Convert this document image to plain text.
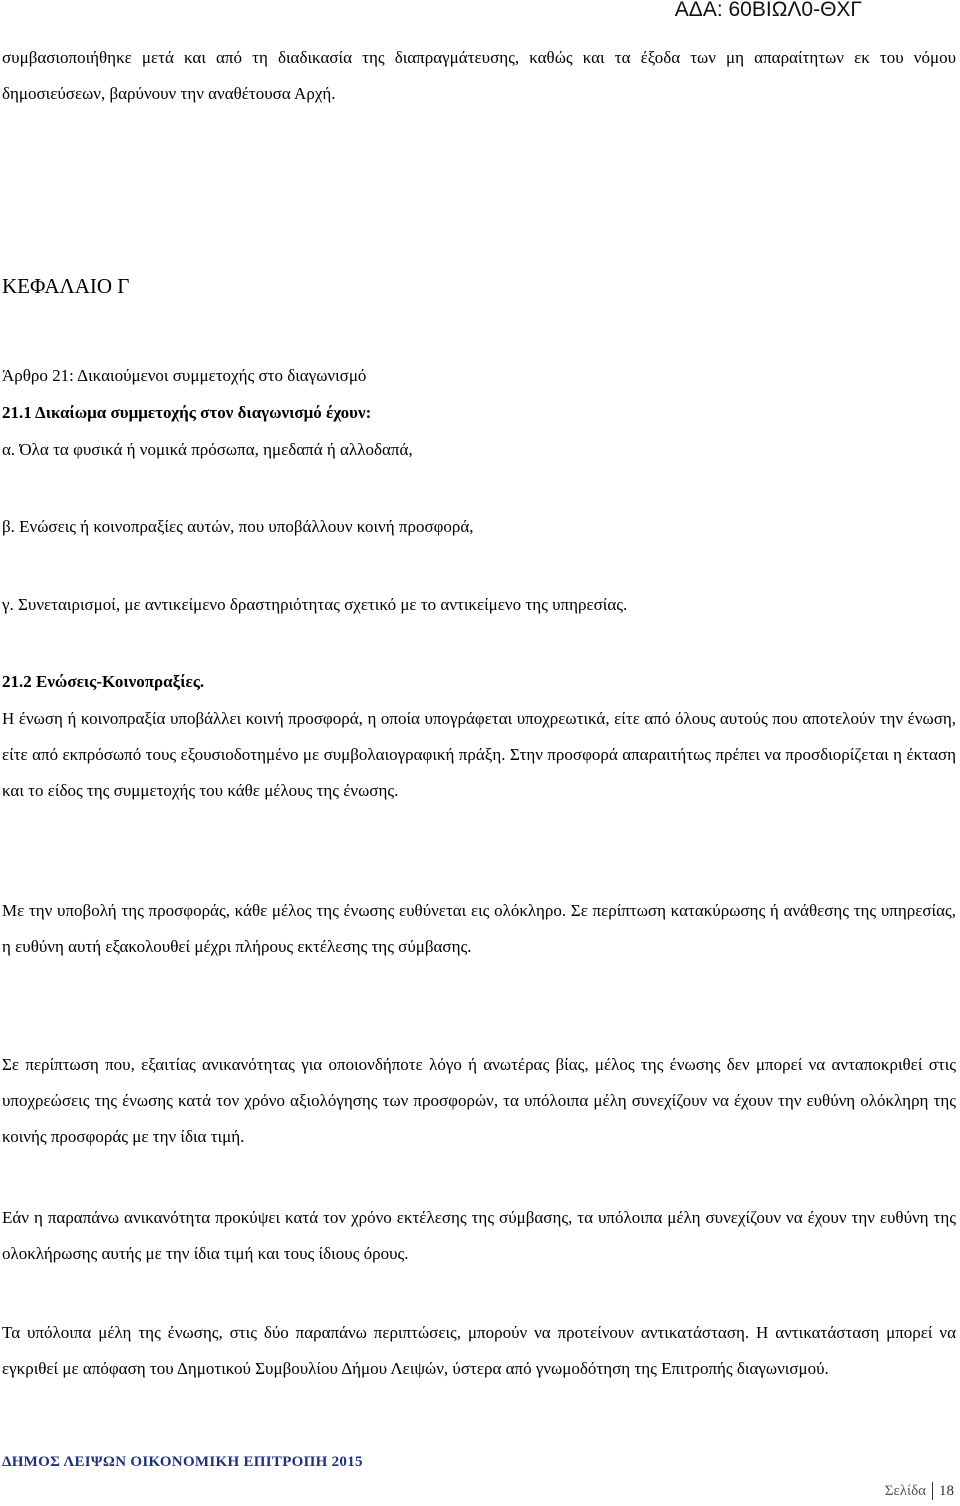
ΑΔΑ: 60ΒΙΩΛ0-ΘΧΓ

συμβασιοποιήθηκε μετά και από τη διαδικασία της διαπραγμάτευσης, καθώς και τα έξοδα των μη απαραίτητων εκ του νόμου δημοσιεύσεων, βαρύνουν την αναθέτουσα Αρχή.

ΚΕΦΑΛΑΙΟ Γ

Άρθρο 21: Δικαιούμενοι συμμετοχής στο διαγωνισμό

21.1 Δικαίωμα συμμετοχής στον διαγωνισμό έχουν:

α. Όλα τα φυσικά ή νομικά πρόσωπα, ημεδαπά ή αλλοδαπά,

β. Ενώσεις ή κοινοπραξίες αυτών, που υποβάλλουν κοινή προσφορά,

γ. Συνεταιρισμοί, με αντικείμενο δραστηριότητας σχετικό με το αντικείμενο της υπηρεσίας.

21.2 Ενώσεις-Κοινοπραξίες.

Η ένωση ή κοινοπραξία υποβάλλει κοινή προσφορά, η οποία υπογράφεται υποχρεωτικά, είτε από όλους αυτούς που αποτελούν την ένωση, είτε από εκπρόσωπό τους εξουσιοδοτημένο με συμβολαιογραφική πράξη. Στην προσφορά απαραιτήτως πρέπει να προσδιορίζεται η έκταση και το είδος της συμμετοχής του κάθε μέλους της ένωσης.

Με την υποβολή της προσφοράς, κάθε μέλος της ένωσης ευθύνεται εις ολόκληρο. Σε περίπτωση κατακύρωσης ή ανάθεσης της υπηρεσίας, η ευθύνη αυτή εξακολουθεί μέχρι πλήρους εκτέλεσης της σύμβασης.

Σε περίπτωση που, εξαιτίας ανικανότητας για οποιονδήποτε λόγο ή ανωτέρας βίας, μέλος της ένωσης δεν μπορεί να ανταποκριθεί στις υποχρεώσεις της ένωσης κατά τον χρόνο αξιολόγησης των προσφορών, τα υπόλοιπα μέλη συνεχίζουν να έχουν την ευθύνη ολόκληρη της κοινής προσφοράς με την ίδια τιμή.

Εάν η παραπάνω ανικανότητα προκύψει κατά τον χρόνο εκτέλεσης της σύμβασης, τα υπόλοιπα μέλη συνεχίζουν να έχουν την ευθύνη της ολοκλήρωσης αυτής με την ίδια τιμή και τους ίδιους όρους.

Τα υπόλοιπα μέλη της ένωσης, στις δύο παραπάνω περιπτώσεις, μπορούν να προτείνουν αντικατάσταση. Η αντικατάσταση μπορεί να εγκριθεί με απόφαση του Δημοτικού Συμβουλίου Δήμου Λειψών, ύστερα από γνωμοδότηση της Επιτροπής διαγωνισμού.

ΔΗΜΟΣ ΛΕΙΨΩΝ ΟΙΚΟΝΟΜΙΚΗ ΕΠΙΤΡΟΠΗ 2015
Σελίδα 18
